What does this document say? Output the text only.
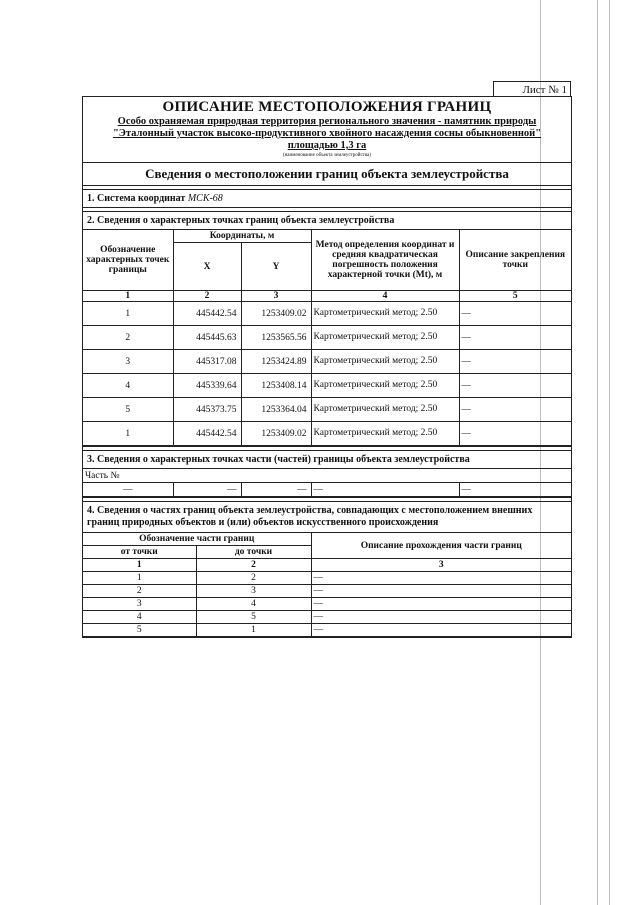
Лист № 1
ОПИСАНИЕ МЕСТОПОЛОЖЕНИЯ ГРАНИЦ
Особо охраняемая природная территория регионального значения - памятник природы
"Эталонный участок высоко-продуктивного хвойного насаждения сосны обыкновенной"
площадью 1,3 га
(наименование объекта землеустройства)
Сведения о местоположении границ объекта землеустройства
1. Система координат МСК-68
2. Сведения о характерных точках границ объекта землеустройства
Обозначение характерных точек границы	Координаты, м		Метод определения координат и средняя квадратическая погрешность положения характерной точки (Мt), м	Описание закрепления точки
	X	Y		
1	2	3	4	5
1	445442.54	1253409.02	Картометрический метод; 2.50	—
2	445445.63	1253565.56	Картометрический метод; 2.50	—
3	445317.08	1253424.89	Картометрический метод; 2.50	—
4	445339.64	1253408.14	Картометрический метод; 2.50	—
5	445373.75	1253364.04	Картометрический метод; 2.50	—
1	445442.54	1253409.02	Картометрический метод; 2.50	—
3. Сведения о характерных точках части (частей) границы объекта землеустройства
Часть №
—	—	—	—	—
4. Сведения о частях границ объекта землеустройства, совпадающих с местоположением внешних границ природных объектов и (или) объектов искусственного происхождения
Обозначение части границ		Описание прохождения части границ
от точки	до точки	
1	2	3
1	2	—
2	3	—
3	4	—
4	5	—
5	1	—
